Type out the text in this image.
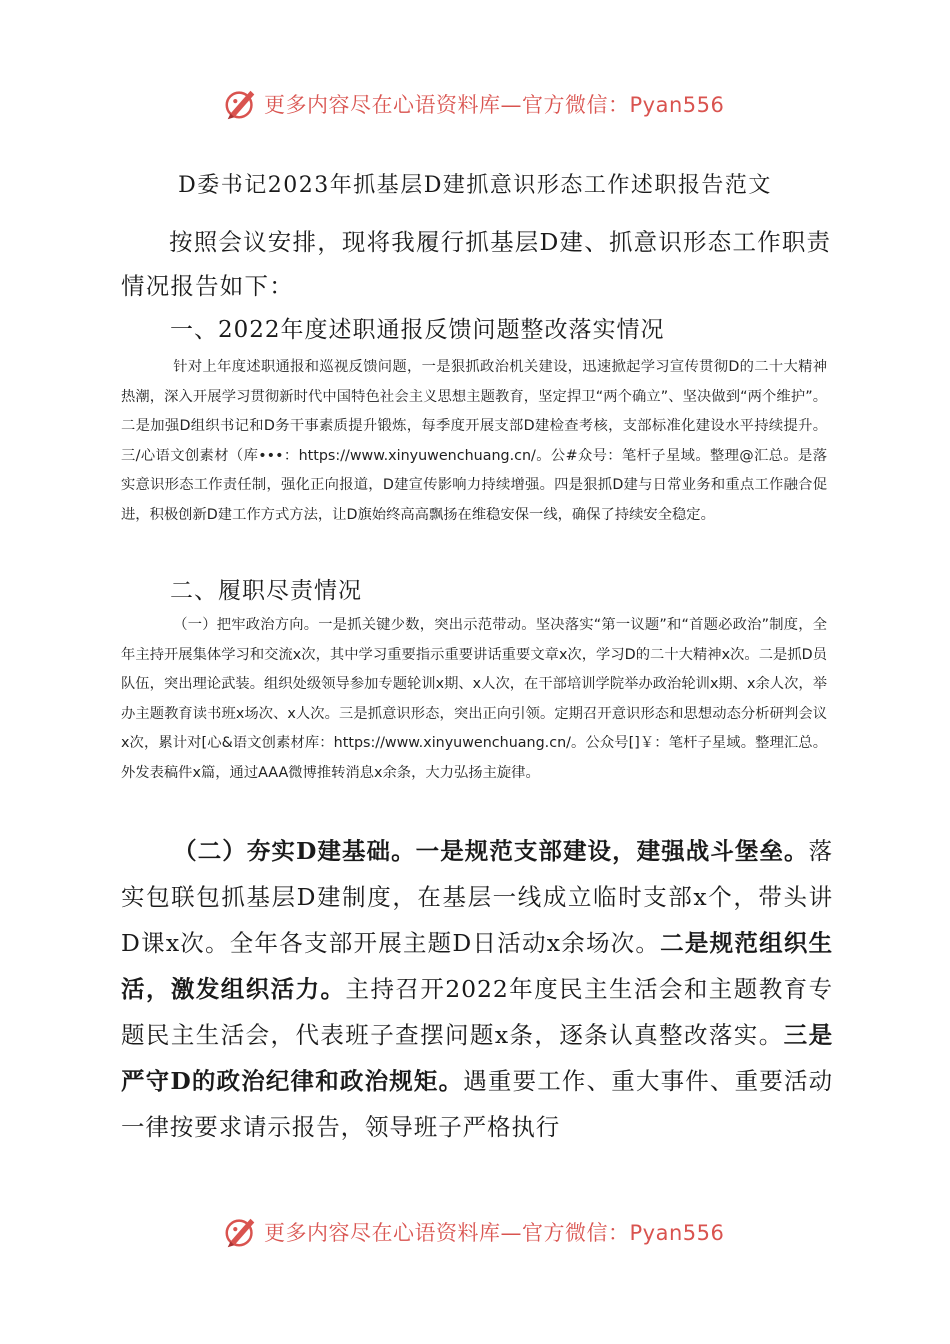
更多内容尽在心语资料库—官方微信：Pyan556
D委书记2023年抓基层D建抓意识形态工作述职报告范文

按照会议安排，现将我履行抓基层D建、抓意识形态工作职责情况报告如下：

一、2022年度述职通报反馈问题整改落实情况

针对上年度述职通报和巡视反馈问题，一是狠抓政治机关建设，迅速掀起学习宣传贯彻D的二十大精神热潮，深入开展学习贯彻新时代中国特色社会主义思想主题教育，坚定捍卫“两个确立”、坚决做到“两个维护”。二是加强D组织书记和D务干事素质提升锻炼，每季度开展支部D建检查考核，支部标准化建设水平持续提升。三/心语文创素材（库•••：https://www.xinyuwenchuang.cn/。公#众号：笔杆子星域。整理@汇总。是落实意识形态工作责任制，强化正向报道，D建宣传影响力持续增强。四是狠抓D建与日常业务和重点工作融合促进，积极创新D建工作方式方法，让D旗始终高高飘扬在维稳安保一线，确保了持续安全稳定。

二、履职尽责情况

（一）把牢政治方向。一是抓关键少数，突出示范带动。坚决落实“第一议题”和“首题必政治”制度，全年主持开展集体学习和交流x次，其中学习重要指示重要讲话重要文章x次，学习D的二十大精神x次。二是抓D员队伍，突出理论武装。组织处级领导参加专题轮训x期、x人次，在干部培训学院举办政治轮训x期、x余人次，举办主题教育读书班x场次、x人次。三是抓意识形态，突出正向引领。定期召开意识形态和思想动态分析研判会议x次，累计对[心&语文创素材库：https://www.xinyuwenchuang.cn/。公众号[]￥：笔杆子星域。整理汇总。外发表稿件x篇，通过AAA微博推转消息x余条，大力弘扬主旋律。

（二）夯实D建基础。一是规范支部建设，建强战斗堡垒。落实包联包抓基层D建制度，在基层一线成立临时支部x个，带头讲D课x次。全年各支部开展主题D日活动x余场次。二是规范组织生活，激发组织活力。主持召开2022年度民主生活会和主题教育专题民主生活会，代表班子查摆问题x条，逐条认真整改落实。三是严守D的政治纪律和政治规矩。遇重要工作、重大事件、重要活动一律按要求请示报告，领导班子严格执行

更多内容尽在心语资料库—官方微信：Pyan556
